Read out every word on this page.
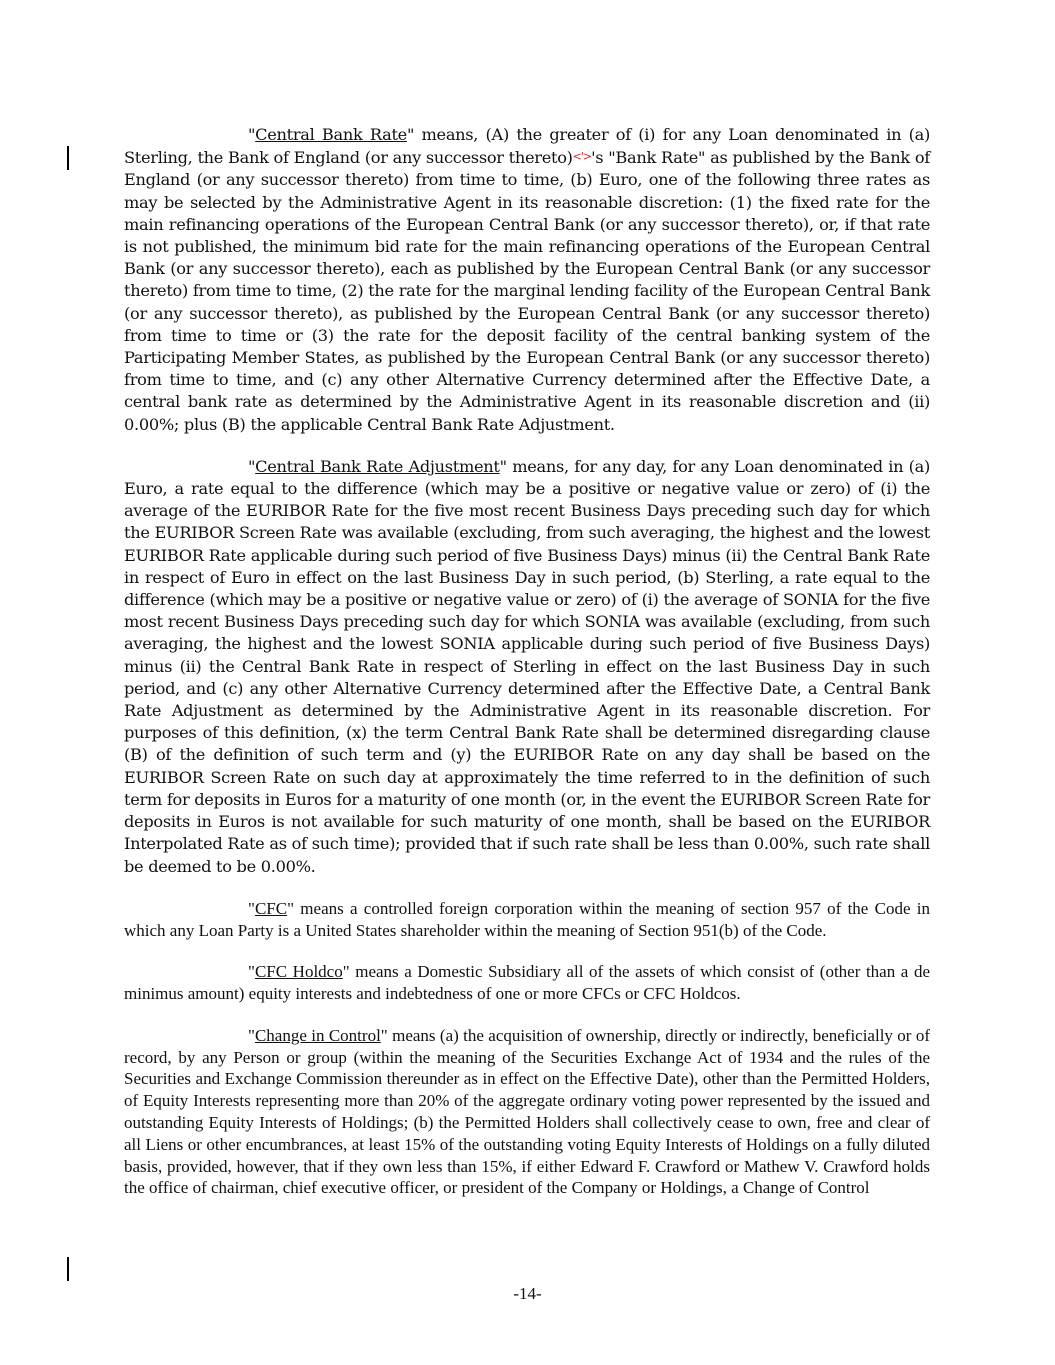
"Central Bank Rate" means, (A) the greater of (i) for any Loan denominated in (a) Sterling, the Bank of England (or any successor thereto)<'>'s "Bank Rate" as published by the Bank of England (or any successor thereto) from time to time, (b) Euro, one of the following three rates as may be selected by the Administrative Agent in its reasonable discretion: (1) the fixed rate for the main refinancing operations of the European Central Bank (or any successor thereto), or, if that rate is not published, the minimum bid rate for the main refinancing operations of the European Central Bank (or any successor thereto), each as published by the European Central Bank (or any successor thereto) from time to time, (2) the rate for the marginal lending facility of the European Central Bank (or any successor thereto), as published by the European Central Bank (or any successor thereto) from time to time or (3) the rate for the deposit facility of the central banking system of the Participating Member States, as published by the European Central Bank (or any successor thereto) from time to time, and (c) any other Alternative Currency determined after the Effective Date, a central bank rate as determined by the Administrative Agent in its reasonable discretion and (ii) 0.00%; plus (B) the applicable Central Bank Rate Adjustment.

"Central Bank Rate Adjustment" means, for any day, for any Loan denominated in (a) Euro, a rate equal to the difference (which may be a positive or negative value or zero) of (i) the average of the EURIBOR Rate for the five most recent Business Days preceding such day for which the EURIBOR Screen Rate was available (excluding, from such averaging, the highest and the lowest EURIBOR Rate applicable during such period of five Business Days) minus (ii) the Central Bank Rate in respect of Euro in effect on the last Business Day in such period, (b) Sterling, a rate equal to the difference (which may be a positive or negative value or zero) of (i) the average of SONIA for the five most recent Business Days preceding such day for which SONIA was available (excluding, from such averaging, the highest and the lowest SONIA applicable during such period of five Business Days) minus (ii) the Central Bank Rate in respect of Sterling in effect on the last Business Day in such period, and (c) any other Alternative Currency determined after the Effective Date, a Central Bank Rate Adjustment as determined by the Administrative Agent in its reasonable discretion. For purposes of this definition, (x) the term Central Bank Rate shall be determined disregarding clause (B) of the definition of such term and (y) the EURIBOR Rate on any day shall be based on the EURIBOR Screen Rate on such day at approximately the time referred to in the definition of such term for deposits in Euros for a maturity of one month (or, in the event the EURIBOR Screen Rate for deposits in Euros is not available for such maturity of one month, shall be based on the EURIBOR Interpolated Rate as of such time); provided that if such rate shall be less than 0.00%, such rate shall be deemed to be 0.00%.

"CFC" means a controlled foreign corporation within the meaning of section 957 of the Code in which any Loan Party is a United States shareholder within the meaning of Section 951(b) of the Code.

"CFC Holdco" means a Domestic Subsidiary all of the assets of which consist of (other than a de minimus amount) equity interests and indebtedness of one or more CFCs or CFC Holdcos.

"Change in Control" means (a) the acquisition of ownership, directly or indirectly, beneficially or of record, by any Person or group (within the meaning of the Securities Exchange Act of 1934 and the rules of the Securities and Exchange Commission thereunder as in effect on the Effective Date), other than the Permitted Holders, of Equity Interests representing more than 20% of the aggregate ordinary voting power represented by the issued and outstanding Equity Interests of Holdings; (b) the Permitted Holders shall collectively cease to own, free and clear of all Liens or other encumbrances, at least 15% of the outstanding voting Equity Interests of Holdings on a fully diluted basis, provided, however, that if they own less than 15%, if either Edward F. Crawford or Mathew V. Crawford holds the office of chairman, chief executive officer, or president of the Company or Holdings, a Change of Control

-14-
